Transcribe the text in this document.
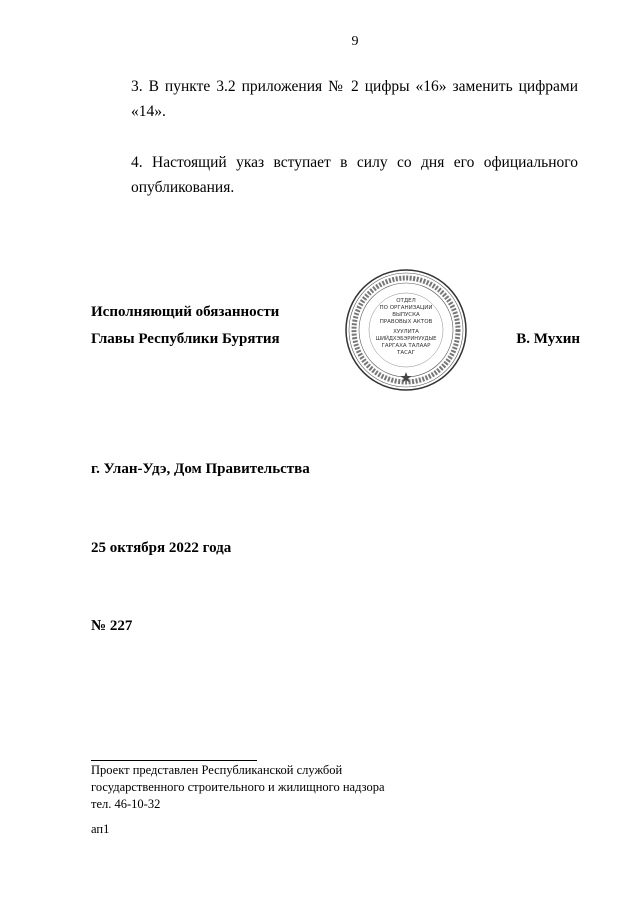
9
3. В пункте 3.2 приложения № 2 цифры «16» заменить цифрами «14».
4. Настоящий указ вступает в силу со дня его официального опубликования.
Исполняющий обязанности
Главы Республики Бурятия	В. Мухин
ОТДЕЛ
ПО ОРГАНИЗАЦИИ
ВЫПУСКА
ПРАВОВЫХ АКТОВ
ХУУЛИТА
ШИЙДХЭБЭРИНУУДЫЕ
ГАРГАХА ТАЛААР
ТАСАГ
г. Улан-Удэ, Дом Правительства
25 октября 2022 года
№ 227
Проект представлен Республиканской службой
государственного строительного и жилищного надзора
тел. 46-10-32
ап1
